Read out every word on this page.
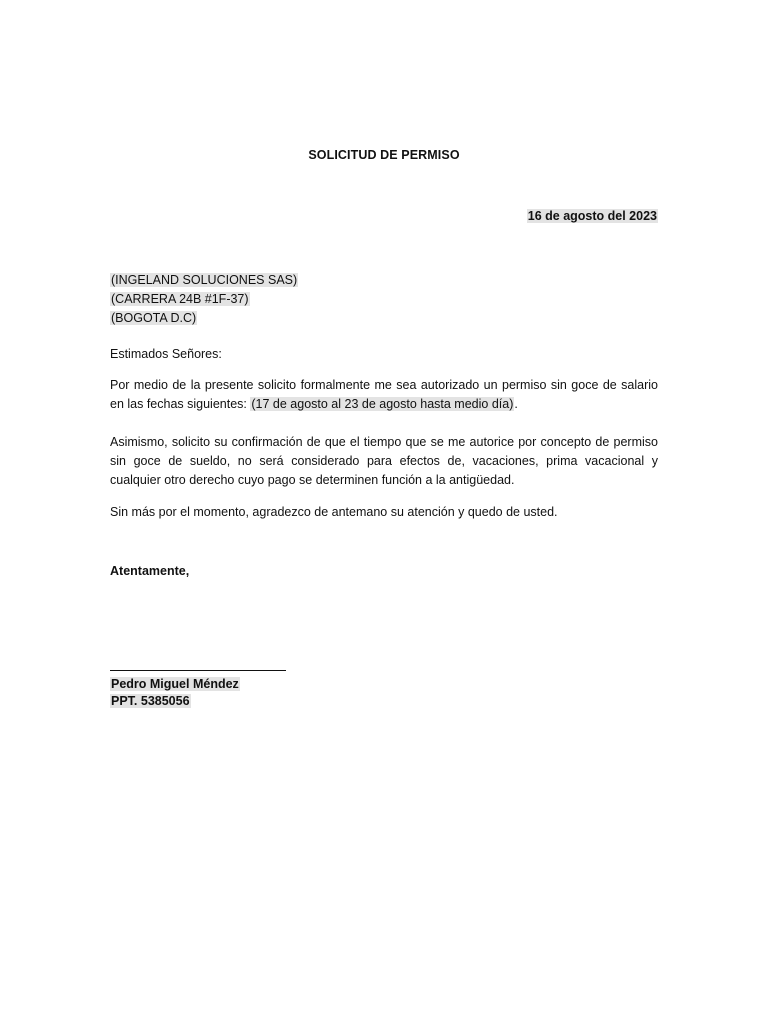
SOLICITUD DE PERMISO
16 de agosto del 2023
(INGELAND SOLUCIONES SAS)
(CARRERA 24B #1F-37)
(BOGOTA D.C)
Estimados Señores:
Por medio de la presente solicito formalmente me sea autorizado un permiso sin goce de salario en las fechas siguientes: (17 de agosto al 23 de agosto hasta medio día).
Asimismo, solicito su confirmación de que el tiempo que se me autorice por concepto de permiso sin goce de sueldo, no será considerado para efectos de, vacaciones, prima vacacional y cualquier otro derecho cuyo pago se determinen función a la antigüedad.
Sin más por el momento, agradezco de antemano su atención y quedo de usted.
Atentamente,
Pedro Miguel Méndez
PPT. 5385056
